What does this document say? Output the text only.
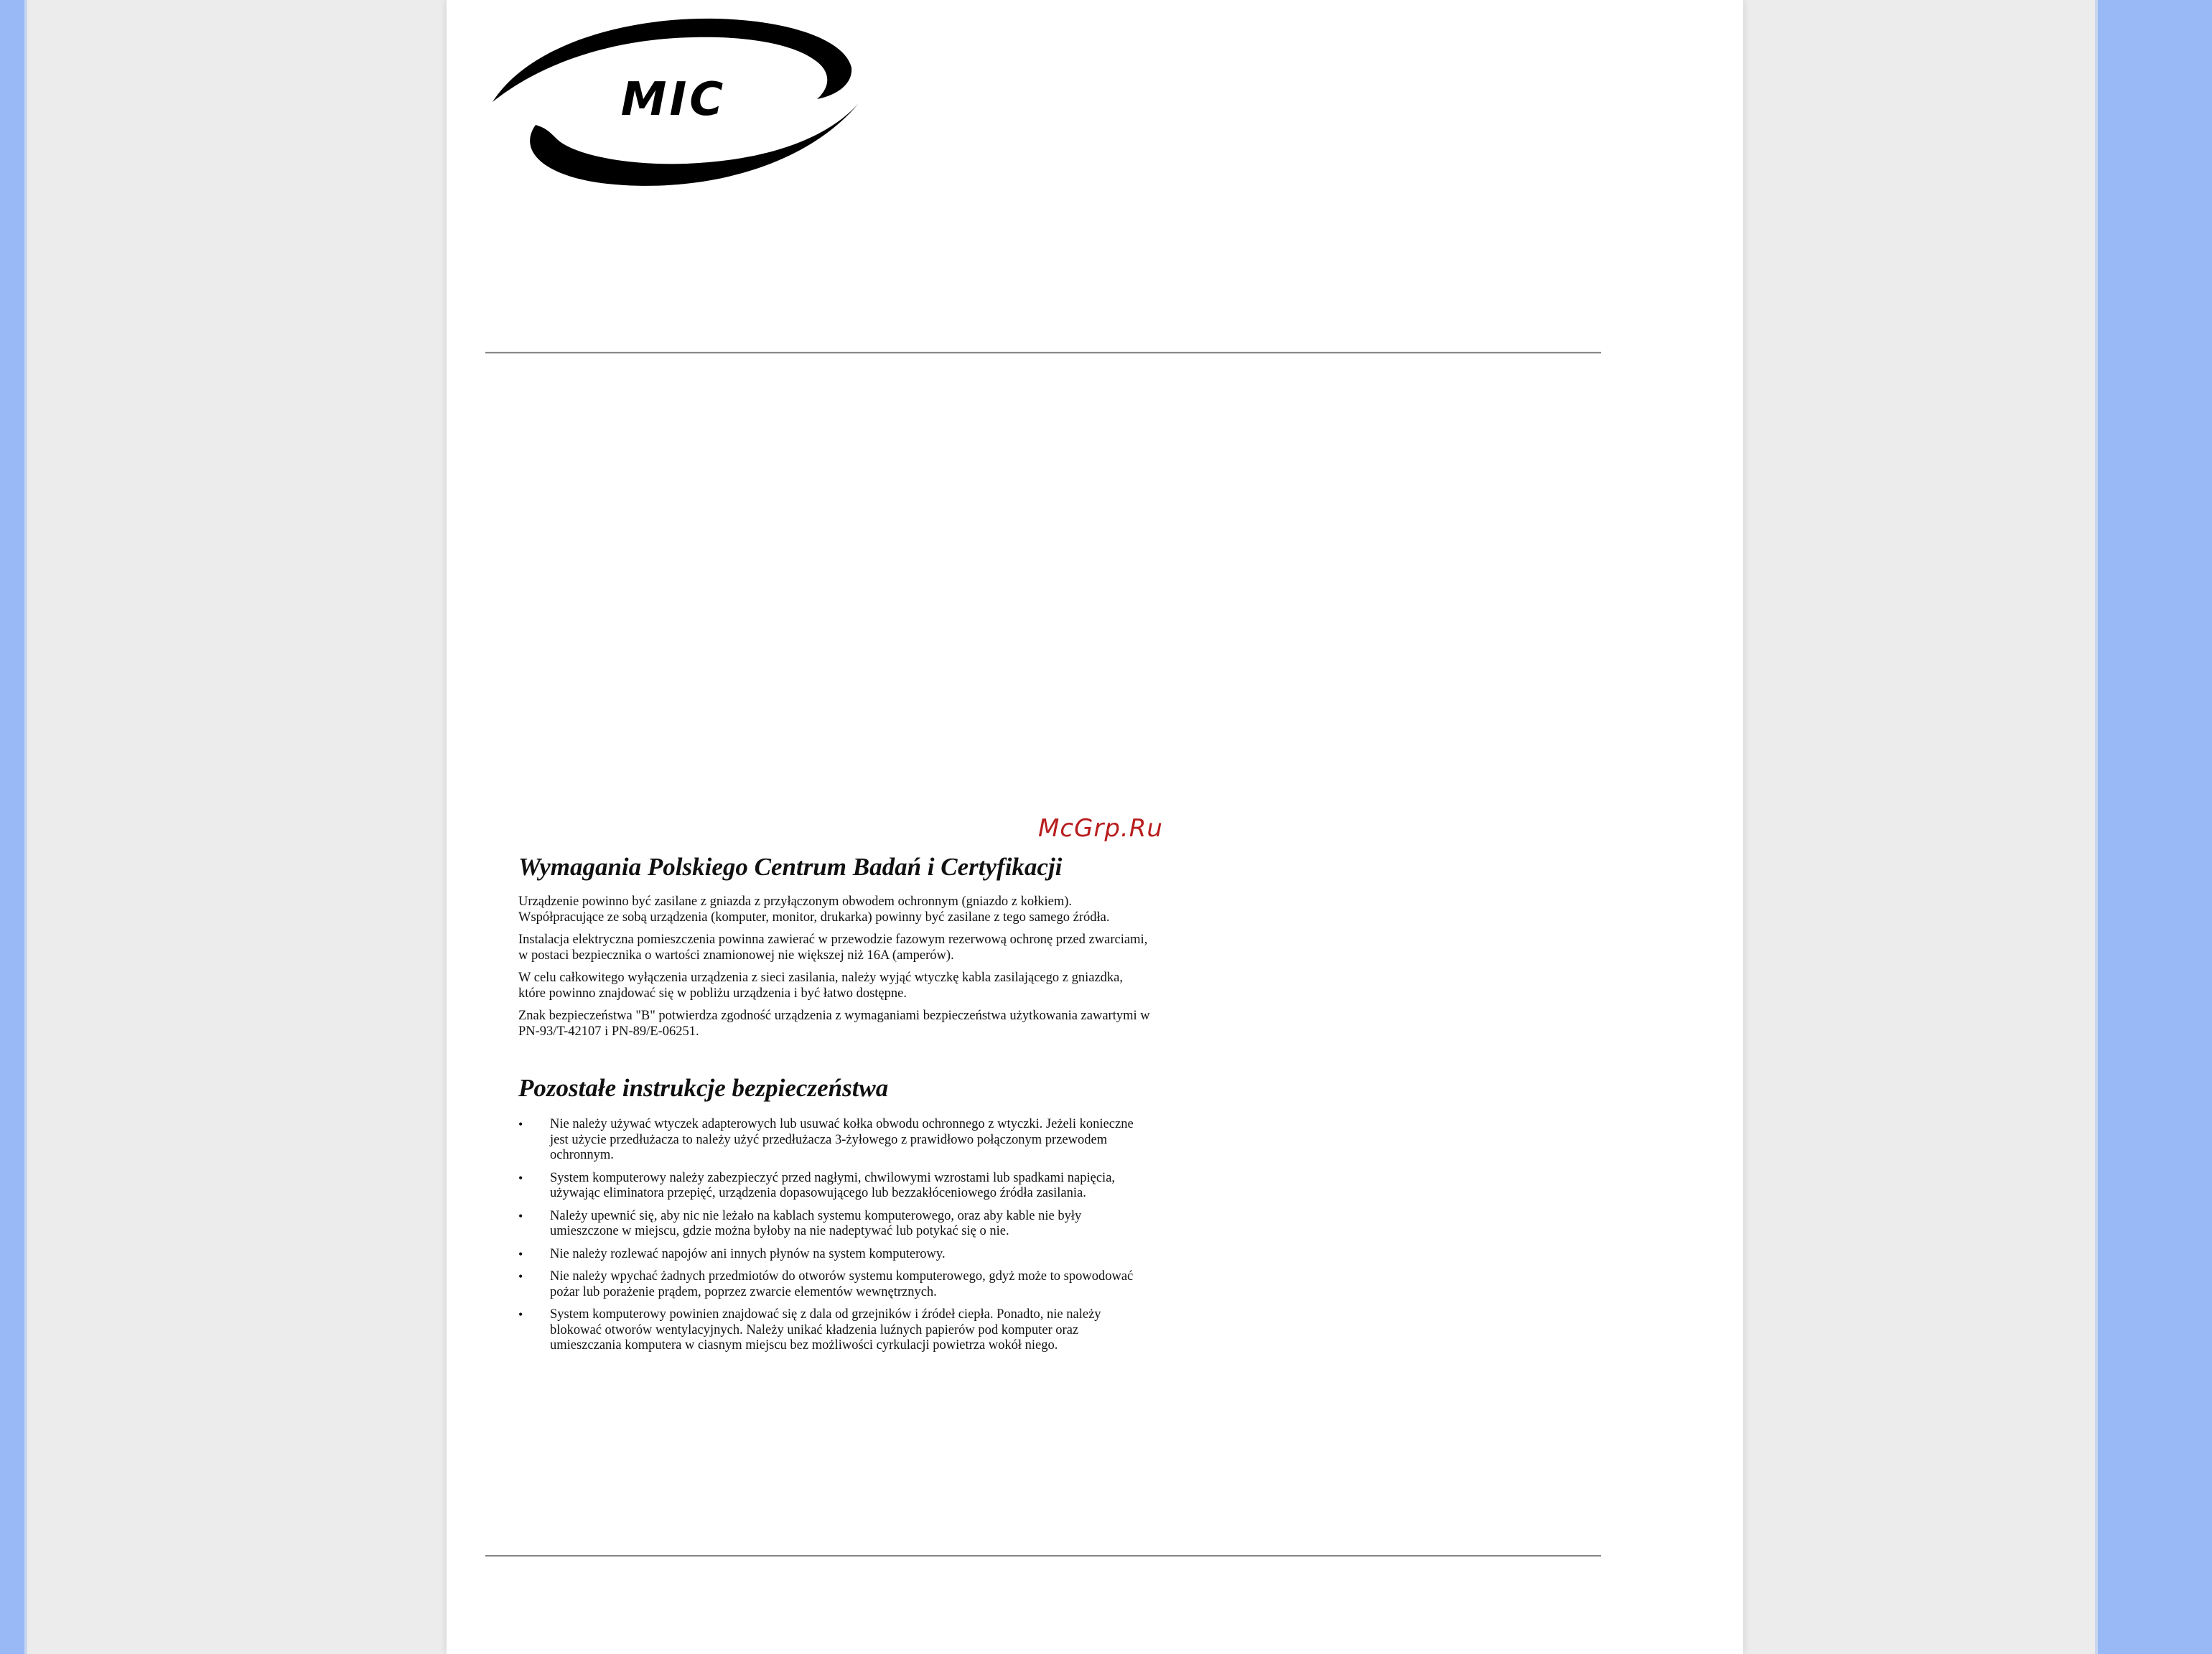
MIC
McGrp.Ru
Wymagania Polskiego Centrum Badań i Certyfikacji

Urządzenie powinno być zasilane z gniazda z przyłączonym obwodem ochronnym (gniazdo z kołkiem). Współpracujące ze sobą urządzenia (komputer, monitor, drukarka) powinny być zasilane z tego samego źródła.

Instalacja elektryczna pomieszczenia powinna zawierać w przewodzie fazowym rezerwową ochronę przed zwarciami, w postaci bezpiecznika o wartości znamionowej nie większej niż 16A (amperów).

W celu całkowitego wyłączenia urządzenia z sieci zasilania, należy wyjąć wtyczkę kabla zasilającego z gniazdka, które powinno znajdować się w pobliżu urządzenia i być łatwo dostępne.

Znak bezpieczeństwa "B" potwierdza zgodność urządzenia z wymaganiami bezpieczeństwa użytkowania zawartymi w PN-93/T-42107 i PN-89/E-06251.

Pozostałe instrukcje bezpieczeństwa
• Nie należy używać wtyczek adapterowych lub usuwać kołka obwodu ochronnego z wtyczki. Jeżeli konieczne jest użycie przedłużacza to należy użyć przedłużacza 3-żyłowego z prawidłowo połączonym przewodem ochronnym.
• System komputerowy należy zabezpieczyć przed nagłymi, chwilowymi wzrostami lub spadkami napięcia, używając eliminatora przepięć, urządzenia dopasowującego lub bezzakłóceniowego źródła zasilania.
• Należy upewnić się, aby nic nie leżało na kablach systemu komputerowego, oraz aby kable nie były umieszczone w miejscu, gdzie można byłoby na nie nadeptywać lub potykać się o nie.
• Nie należy rozlewać napojów ani innych płynów na system komputerowy.
• Nie należy wpychać żadnych przedmiotów do otworów systemu komputerowego, gdyż może to spowodować pożar lub porażenie prądem, poprzez zwarcie elementów wewnętrznych.
• System komputerowy powinien znajdować się z dala od grzejników i źródeł ciepła. Ponadto, nie należy blokować otworów wentylacyjnych. Należy unikać kładzenia luźnych papierów pod komputer oraz umieszczania komputera w ciasnym miejscu bez możliwości cyrkulacji powietrza wokół niego.
